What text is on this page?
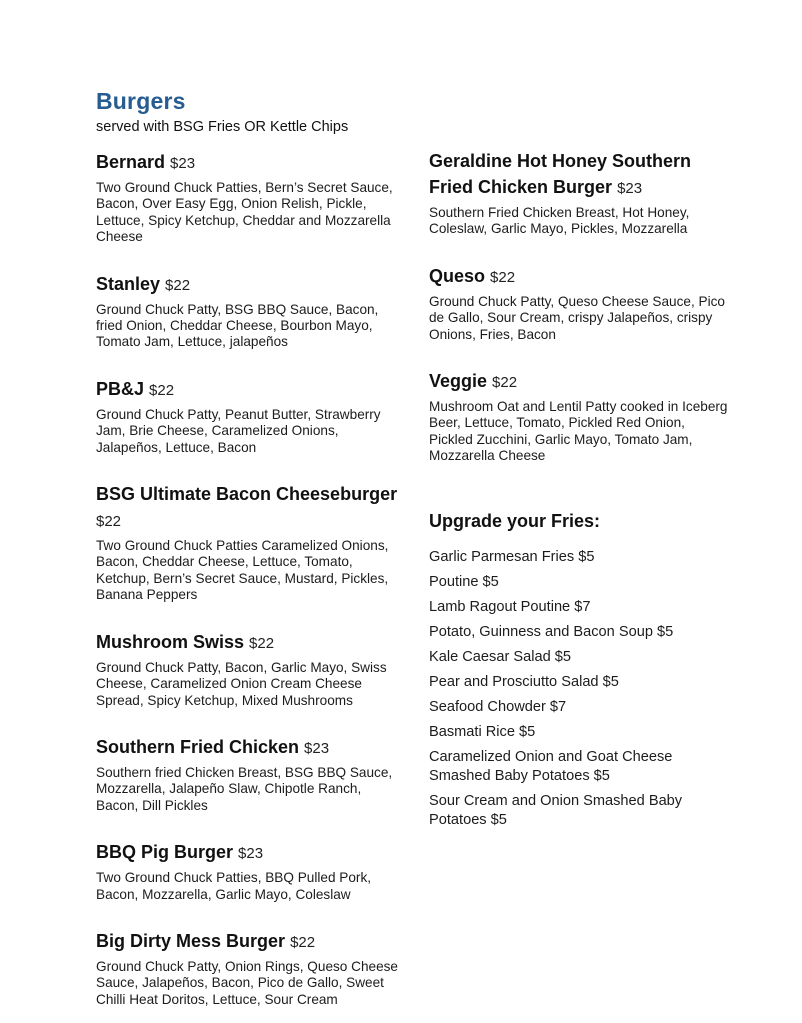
Burgers

served with BSG Fries OR Kettle Chips

Bernard $23

Two Ground Chuck Patties, Bern’s Secret Sauce, Bacon, Over Easy Egg, Onion Relish, Pickle, Lettuce, Spicy Ketchup, Cheddar and Mozzarella Cheese

Stanley $22

Ground Chuck Patty, BSG BBQ Sauce, Bacon, fried Onion, Cheddar Cheese, Bourbon Mayo, Tomato Jam, Lettuce, jalapeños

PB&J $22

Ground Chuck Patty, Peanut Butter, Strawberry Jam, Brie Cheese, Caramelized Onions, Jalapeños, Lettuce, Bacon

BSG Ultimate Bacon Cheeseburger $22

Two Ground Chuck Patties Caramelized Onions, Bacon, Cheddar Cheese, Lettuce, Tomato, Ketchup, Bern’s Secret Sauce, Mustard, Pickles, Banana Peppers

Mushroom Swiss $22

Ground Chuck Patty, Bacon, Garlic Mayo, Swiss Cheese, Caramelized Onion Cream Cheese Spread, Spicy Ketchup, Mixed Mushrooms

Southern Fried Chicken $23

Southern fried Chicken Breast, BSG BBQ Sauce, Mozzarella, Jalapeño Slaw, Chipotle Ranch, Bacon, Dill Pickles

BBQ Pig Burger $23

Two Ground Chuck Patties, BBQ Pulled Pork, Bacon, Mozzarella, Garlic Mayo, Coleslaw

Big Dirty Mess Burger $22

Ground Chuck Patty, Onion Rings, Queso Cheese Sauce, Jalapeños, Bacon, Pico de Gallo, Sweet Chilli Heat Doritos, Lettuce, Sour Cream

Geraldine Hot Honey Southern Fried Chicken Burger $23

Southern Fried Chicken Breast, Hot Honey, Coleslaw, Garlic Mayo, Pickles, Mozzarella

Queso $22

Ground Chuck Patty, Queso Cheese Sauce, Pico de Gallo, Sour Cream, crispy Jalapeños, crispy Onions, Fries, Bacon

Veggie $22

Mushroom Oat and Lentil Patty cooked in Iceberg Beer, Lettuce, Tomato, Pickled Red Onion, Pickled Zucchini, Garlic Mayo, Tomato Jam, Mozzarella Cheese

Upgrade your Fries:

Garlic Parmesan Fries $5

Poutine $5

Lamb Ragout Poutine $7

Potato, Guinness and Bacon Soup $5

Kale Caesar Salad $5

Pear and Prosciutto Salad $5

Seafood Chowder $7

Basmati Rice $5

Caramelized Onion and Goat Cheese Smashed Baby Potatoes $5

Sour Cream and Onion Smashed Baby Potatoes $5
